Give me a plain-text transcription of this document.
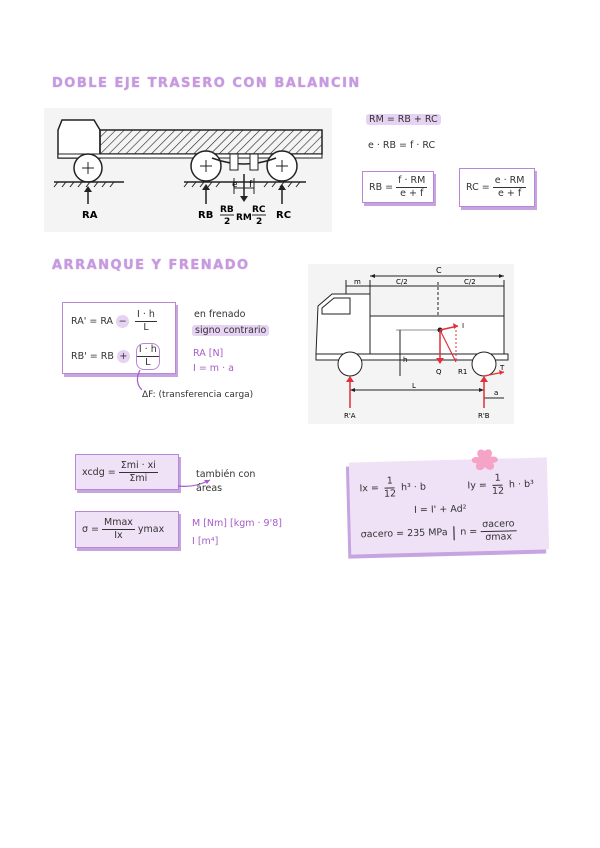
DOBLE EJE TRASERO CON BALANCIN
e f
RA	RB	RC
RB
2 RM
RC
2
RM = RB + RC
e · RB = f · RC
RB = $\frac{f \cdot RM}{e + f}$	RC = $\frac{e \cdot RM}{e + f}$
ARRANQUE Y FRENADO
RA' = RA − $\frac{I \cdot h}{L}$
RB' = RB + $\frac{I \cdot h}{L}$
en frenado
signo contrario
RA [N]
I = m · a
ΔF: (transferencia carga)
C
m	C/2	C/2
I
Q R1
h
T
L
a
R'A	R'B
xcdg = $\frac{\text{Σmi · xi}}{\text{Σmi}}$	también con áreas
$\sigma = \frac{Mmax}{Ix}$ ymax
M [Nm] [kgm · 9'8]
I [m⁴]
$Ix = \frac{1}{12} h^3 \cdot b$	$Iy = \frac{1}{12}$ h · b³
I = I' + Ad²
σacero = 235 MPa | $n = \frac{\text{σacero}}{\sigma\max}$
